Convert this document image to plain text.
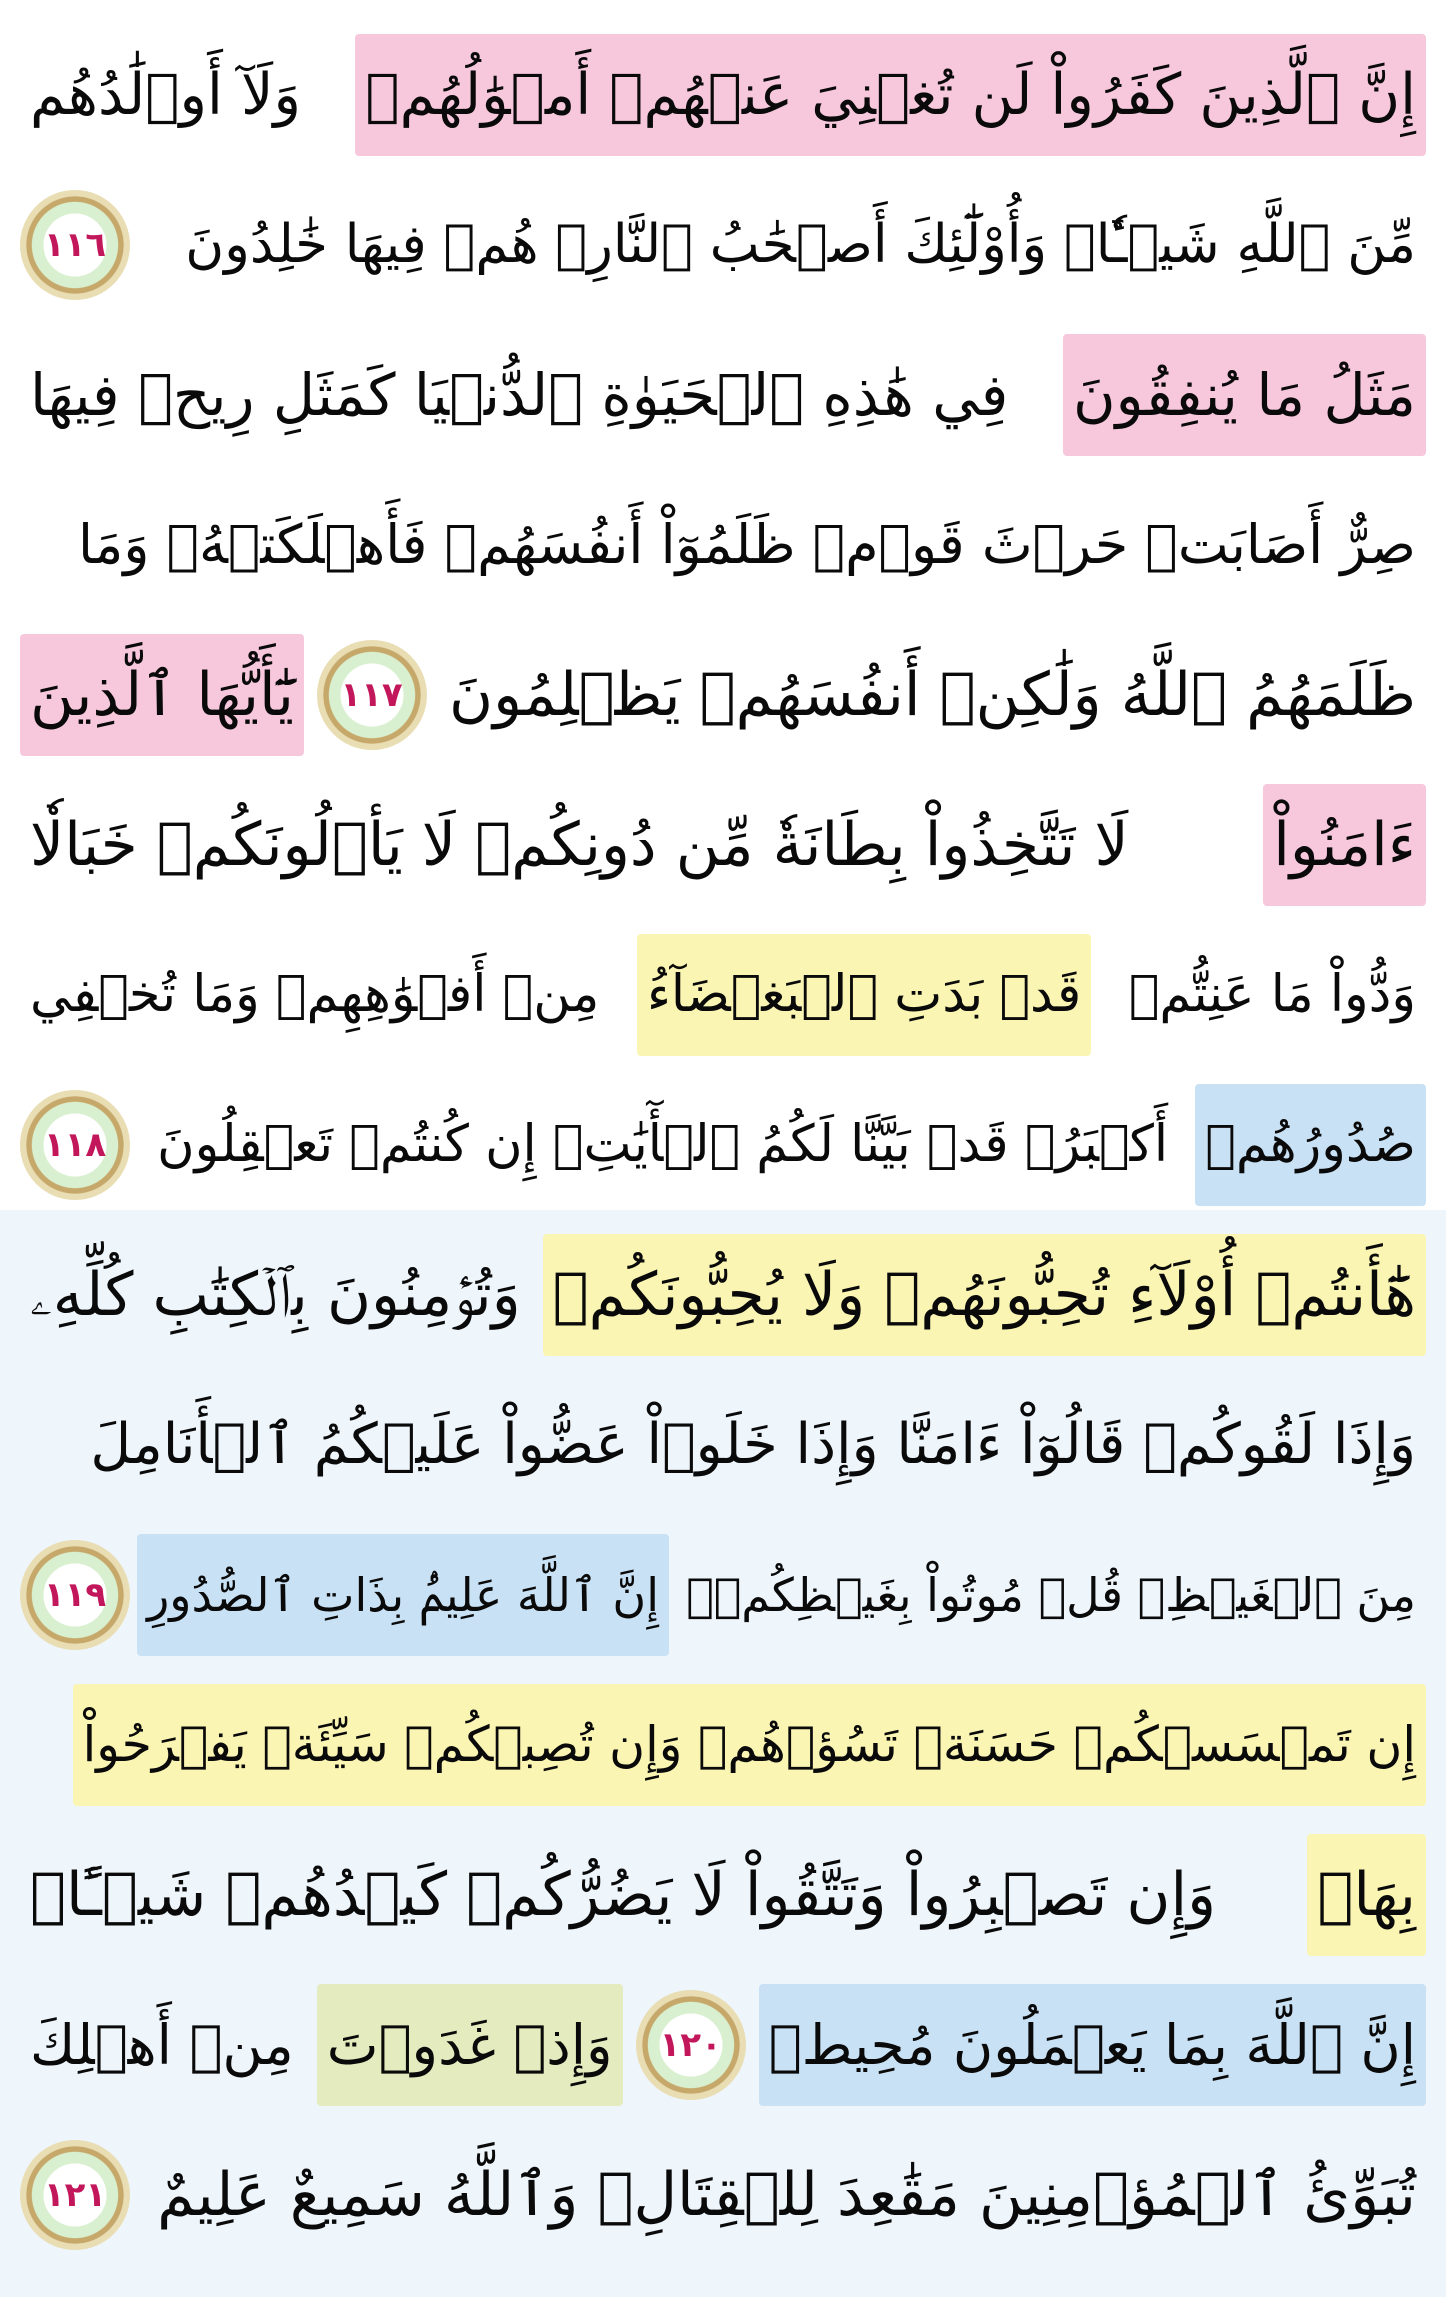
إِنَّ ٱلَّذِينَ كَفَرُواْ لَن تُغۡنِيَ عَنۡهُمۡ أَمۡوَٰلُهُمۡ
وَلَآ أَوۡلَٰدُهُم
مِّنَ ٱللَّهِ شَيۡـٔٗاۖ وَأُوْلَٰٓئِكَ أَصۡحَٰبُ ٱلنَّارِۖ هُمۡ فِيهَا خَٰلِدُونَ
١١٦
مَثَلُ مَا يُنفِقُونَ
فِي هَٰذِهِ ٱلۡحَيَوٰةِ ٱلدُّنۡيَا كَمَثَلِ رِيحٖ فِيهَا
صِرٌّ أَصَابَتۡ حَرۡثَ قَوۡمٖ ظَلَمُوٓاْ أَنفُسَهُمۡ فَأَهۡلَكَتۡهُۚ وَمَا
ظَلَمَهُمُ ٱللَّهُ وَلَٰكِنۡ أَنفُسَهُمۡ يَظۡلِمُونَ
١١٧
يَٰٓأَيُّهَا ٱلَّذِينَ
ءَامَنُواْ
لَا تَتَّخِذُواْ بِطَانَةٗ مِّن دُونِكُمۡ لَا يَأۡلُونَكُمۡ خَبَالٗا
وَدُّواْ مَا عَنِتُّمۡ
قَدۡ بَدَتِ ٱلۡبَغۡضَآءُ
مِنۡ أَفۡوَٰهِهِمۡ وَمَا تُخۡفِي
صُدُورُهُمۡ
أَكۡبَرُۚ قَدۡ بَيَّنَّا لَكُمُ ٱلۡأٓيَٰتِۖ إِن كُنتُمۡ تَعۡقِلُونَ
١١٨
هَٰٓأَنتُمۡ أُوْلَآءِ تُحِبُّونَهُمۡ وَلَا يُحِبُّونَكُمۡ
وَتُؤۡمِنُونَ بِٱلۡكِتَٰبِ كُلِّهِۦ
وَإِذَا لَقُوكُمۡ قَالُوٓاْ ءَامَنَّا وَإِذَا خَلَوۡاْ عَضُّواْ عَلَيۡكُمُ ٱلۡأَنَامِلَ
مِنَ ٱلۡغَيۡظِۚ قُلۡ مُوتُواْ بِغَيۡظِكُمۡۗ
إِنَّ ٱللَّهَ عَلِيمُۢ بِذَاتِ ٱلصُّدُورِ
١١٩
إِن تَمۡسَسۡكُمۡ حَسَنَةٞ تَسُؤۡهُمۡ وَإِن تُصِبۡكُمۡ سَيِّئَةٞ يَفۡرَحُواْ
بِهَاۖ
وَإِن تَصۡبِرُواْ وَتَتَّقُواْ لَا يَضُرُّكُمۡ كَيۡدُهُمۡ شَيۡـًٔاۗ
إِنَّ ٱللَّهَ بِمَا يَعۡمَلُونَ مُحِيطٞ
١٢٠
وَإِذۡ غَدَوۡتَ
مِنۡ أَهۡلِكَ
تُبَوِّئُ ٱلۡمُؤۡمِنِينَ مَقَٰعِدَ لِلۡقِتَالِۗ وَٱللَّهُ سَمِيعٌ عَلِيمٌ
١٢١
